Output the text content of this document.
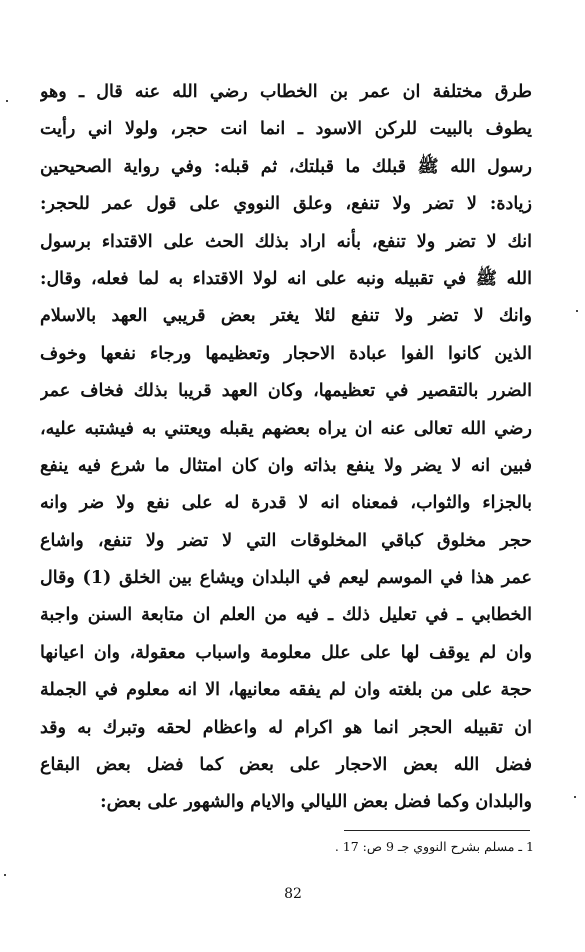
طرق مختلفة ان عمر بن الخطاب رضي الله عنه قال ـ وهو
يطوف بالبيت للركن الاسود ـ انما انت حجر، ولولا اني رأيت
رسول الله ﷺ قبلك ما قبلتك، ثم قبله: وفي رواية الصحيحين
زيادة: لا تضر ولا تنفع، وعلق النووي على قول عمر للحجر:
انك لا تضر ولا تنفع، بأنه اراد بذلك الحث على الاقتداء برسول
الله ﷺ في تقبيله ونبه على انه لولا الاقتداء به لما فعله، وقال:
وانك لا تضر ولا تنفع لئلا يغتر بعض قريبي العهد بالاسلام
الذين كانوا الفوا عبادة الاحجار وتعظيمها ورجاء نفعها وخوف
الضرر بالتقصير في تعظيمها، وكان العهد قريبا بذلك فخاف عمر
رضي الله تعالى عنه ان يراه بعضهم يقبله ويعتني به فيشتبه عليه،
فبين انه لا يضر ولا ينفع بذاته وان كان امتثال ما شرع فيه ينفع
بالجزاء والثواب، فمعناه انه لا قدرة له على نفع ولا ضر وانه
حجر مخلوق كباقي المخلوقات التي لا تضر ولا تنفع، واشاع
عمر هذا في الموسم ليعم في البلدان ويشاع بين الخلق (1) وقال
الخطابي ـ في تعليل ذلك ـ فيه من العلم ان متابعة السنن واجبة
وان لم يوقف لها على علل معلومة واسباب معقولة، وان اعيانها
حجة على من بلغته وان لم يفقه معانيها، الا انه معلوم في الجملة
ان تقبيله الحجر انما هو اكرام له واعظام لحقه وتبرك به وقد
فضل الله بعض الاحجار على بعض كما فضل بعض البقاع
والبلدان وكما فضل بعض الليالي والايام والشهور على بعض:
1 ـ مسلم بشرح النووي جـ 9 ص: 17 .
82
